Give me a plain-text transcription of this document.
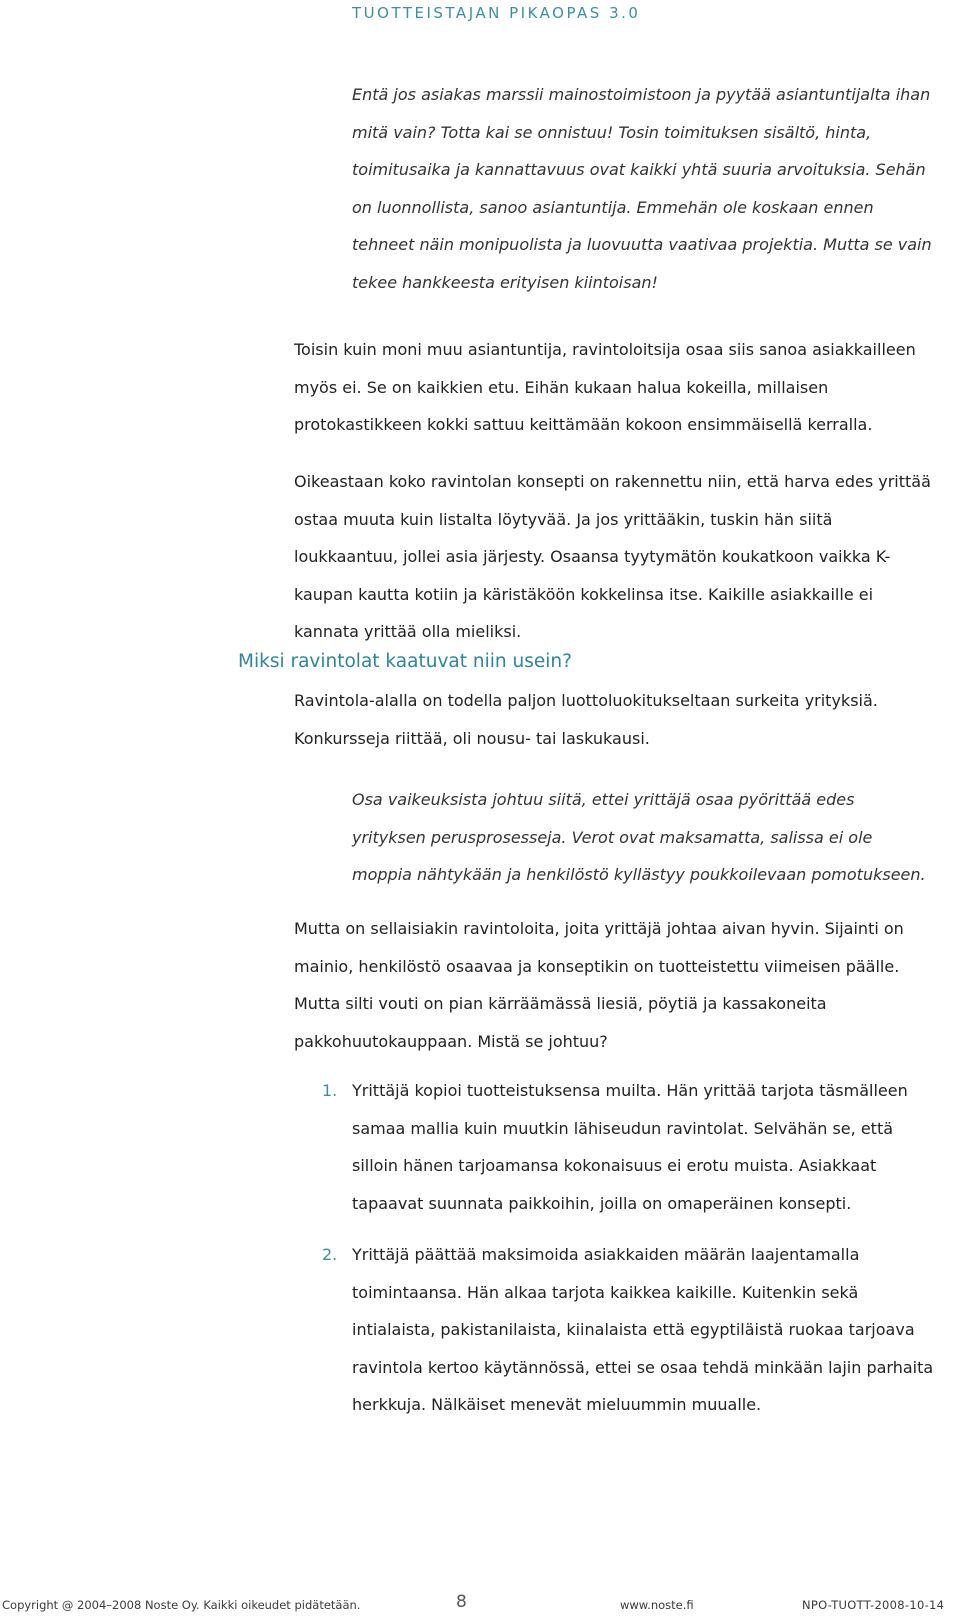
TUOTTEISTAJAN PIKAOPAS 3.0

Entä jos asiakas marssii mainostoimistoon ja pyytää asiantuntijalta ihan mitä vain? Totta kai se onnistuu! Tosin toimituksen sisältö, hinta, toimitusaika ja kannattavuus ovat kaikki yhtä suuria arvoituksia. Sehän on luonnollista, sanoo asiantuntija. Emmehän ole koskaan ennen tehneet näin monipuolista ja luovuutta vaativaa projektia. Mutta se vain tekee hankkeesta erityisen kiintoisan!

Toisin kuin moni muu asiantuntija, ravintoloitsija osaa siis sanoa asiakkailleen myös ei. Se on kaikkien etu. Eihän kukaan halua kokeilla, millaisen protokastikkeen kokki sattuu keittämään kokoon ensimmäisellä kerralla.

Oikeastaan koko ravintolan konsepti on rakennettu niin, että harva edes yrittää ostaa muuta kuin listalta löytyvää. Ja jos yrittääkin, tuskin hän siitä loukkaantuu, jollei asia järjesty. Osaansa tyytymätön koukatkoon vaikka K-kaupan kautta kotiin ja käristäköön kokkelinsa itse. Kaikille asiakkaille ei kannata yrittää olla mieliksi.

Miksi ravintolat kaatuvat niin usein?

Ravintola-alalla on todella paljon luottoluokitukseltaan surkeita yrityksiä. Konkursseja riittää, oli nousu- tai laskukausi.

Osa vaikeuksista johtuu siitä, ettei yrittäjä osaa pyörittää edes yrityksen perusprosesseja. Verot ovat maksamatta, salissa ei ole moppia nähtykään ja henkilöstö kyllästyy poukkoilevaan pomotukseen.

Mutta on sellaisiakin ravintoloita, joita yrittäjä johtaa aivan hyvin. Sijainti on mainio, henkilöstö osaavaa ja konseptikin on tuotteistettu viimeisen päälle. Mutta silti vouti on pian kärräämässä liesiä, pöytiä ja kassakoneita pakkohuutokauppaan. Mistä se johtuu?

1. Yrittäjä kopioi tuotteistuksensa muilta. Hän yrittää tarjota täsmälleen samaa mallia kuin muutkin lähiseudun ravintolat. Selvähän se, että silloin hänen tarjoamansa kokonaisuus ei erotu muista. Asiakkaat tapaavat suunnata paikkoihin, joilla on omaperäinen konsepti.

2. Yrittäjä päättää maksimoida asiakkaiden määrän laajentamalla toimintaansa. Hän alkaa tarjota kaikkea kaikille. Kuitenkin sekä intialaista, pakistanilaista, kiinalaista että egyptiläistä ruokaa tarjoava ravintola kertoo käytännössä, ettei se osaa tehdä minkään lajin parhaita herkkuja. Nälkäiset menevät mieluummin muualle.

Copyright @ 2004–2008 Noste Oy. Kaikki oikeudet pidätetään.	8	www.noste.fi	NPO-TUOTT-2008-10-14
